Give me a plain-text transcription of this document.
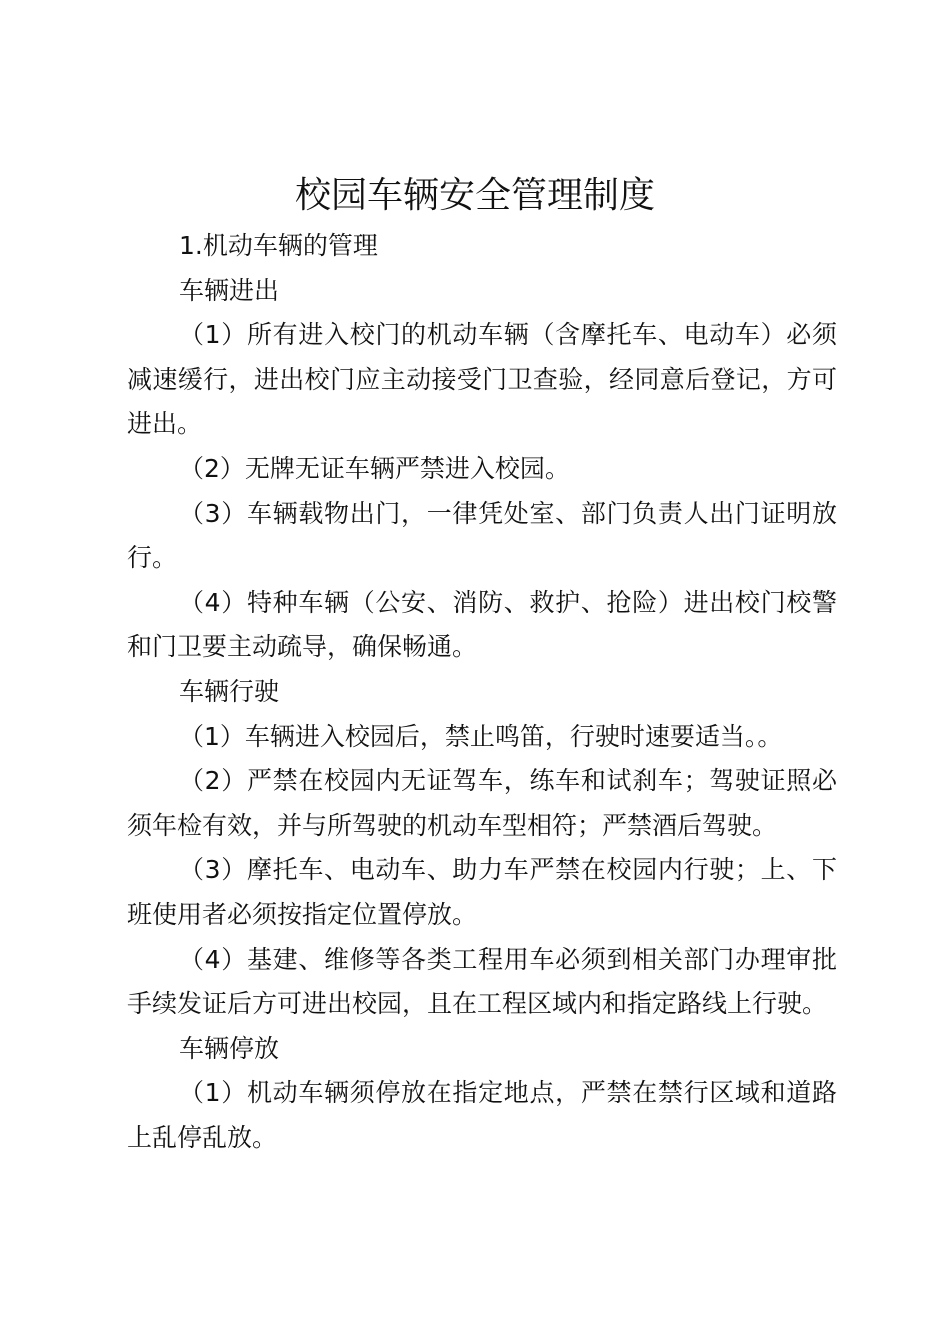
校园车辆安全管理制度

1.机动车辆的管理

车辆进出

（1）所有进入校门的机动车辆（含摩托车、电动车）必须减速缓行，进出校门应主动接受门卫查验，经同意后登记，方可进出。

（2）无牌无证车辆严禁进入校园。

（3）车辆载物出门，一律凭处室、部门负责人出门证明放行。

（4）特种车辆（公安、消防、救护、抢险）进出校门校警和门卫要主动疏导，确保畅通。

车辆行驶

（1）车辆进入校园后，禁止鸣笛，行驶时速要适当。。

（2）严禁在校园内无证驾车，练车和试刹车；驾驶证照必须年检有效，并与所驾驶的机动车型相符；严禁酒后驾驶。

（3）摩托车、电动车、助力车严禁在校园内行驶；上、下班使用者必须按指定位置停放。

（4）基建、维修等各类工程用车必须到相关部门办理审批手续发证后方可进出校园，且在工程区域内和指定路线上行驶。

车辆停放

（1）机动车辆须停放在指定地点，严禁在禁行区域和道路上乱停乱放。
